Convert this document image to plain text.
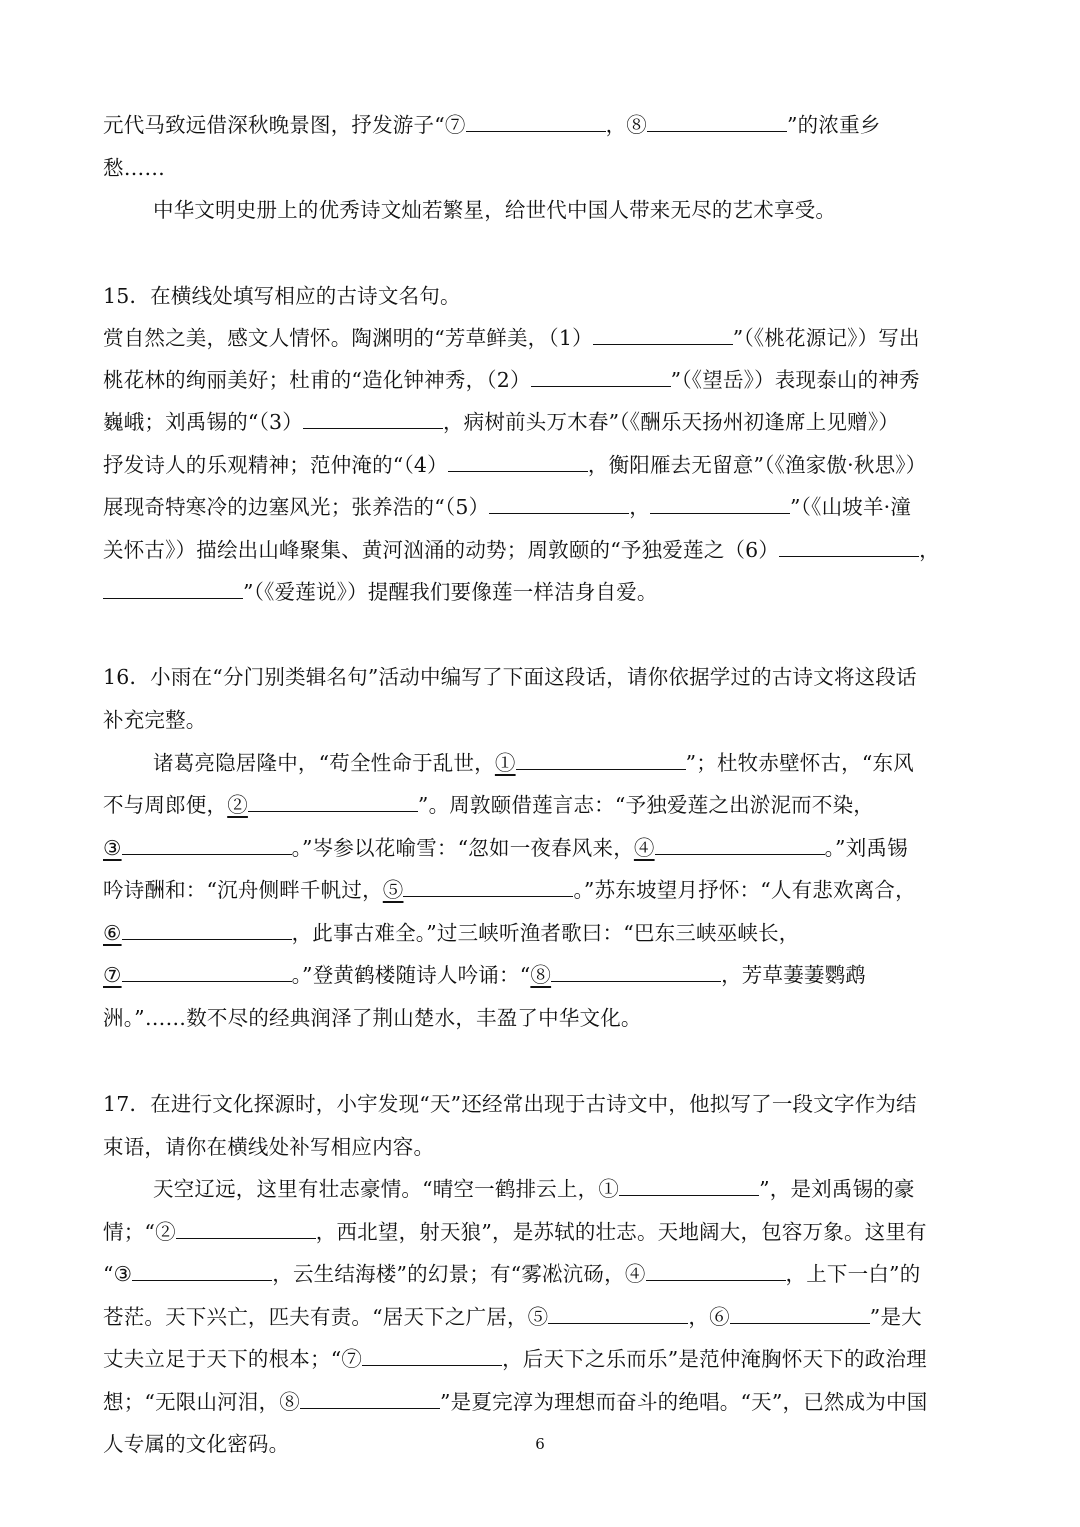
元代马致远借深秋晚景图，抒发游子“⑦	，⑧	”的浓重乡
愁……
中华文明史册上的优秀诗文灿若繁星，给世代中国人带来无尽的艺术享受。
15．在横线处填写相应的古诗文名句。
赏自然之美，感文人情怀。陶渊明的“芳草鲜美，（1）	”（《桃花源记》）写出
桃花林的绚丽美好；杜甫的“造化钟神秀，（2）	”（《望岳》）表现泰山的神秀
巍峨；刘禹锡的“（3）	，病树前头万木春”（《酬乐天扬州初逢席上见赠》）
抒发诗人的乐观精神；范仲淹的“（4）	，衡阳雁去无留意”（《渔家傲·秋思》）
展现奇特寒冷的边塞风光；张养浩的“（5）	，	”（《山坡羊·潼
关怀古》）描绘出山峰聚集、黄河汹涌的动势；周敦颐的“予独爱莲之（6）	，
”（《爱莲说》）提醒我们要像莲一样洁身自爱。
16．小雨在“分门别类辑名句”活动中编写了下面这段话，请你依据学过的古诗文将这段话
补充完整。
诸葛亮隐居隆中，“苟全性命于乱世，①	”；杜牧赤壁怀古，“东风
不与周郎便，②	”。周敦颐借莲言志：“予独爱莲之出淤泥而不染，
③	。”岑参以花喻雪：“忽如一夜春风来，④	。”刘禹锡
吟诗酬和：“沉舟侧畔千帆过，⑤	。”苏东坡望月抒怀：“人有悲欢离合，
⑥	，此事古难全。”过三峡听渔者歌曰：“巴东三峡巫峡长，
⑦	。”登黄鹤楼随诗人吟诵：“⑧	，芳草萋萋鹦鹉
洲。”……数不尽的经典润泽了荆山楚水，丰盈了中华文化。
17．在进行文化探源时，小宇发现“天”还经常出现于古诗文中，他拟写了一段文字作为结
束语，请你在横线处补写相应内容。
天空辽远，这里有壮志豪情。“晴空一鹤排云上，①	”，是刘禹锡的豪
情；“②	，西北望，射天狼”，是苏轼的壮志。天地阔大，包容万象。这里有
“③	，云生结海楼”的幻景；有“雾凇沆砀，④	，上下一白”的
苍茫。天下兴亡，匹夫有责。“居天下之广居，⑤	，⑥	”是大
丈夫立足于天下的根本；“⑦	，后天下之乐而乐”是范仲淹胸怀天下的政治理
想；“无限山河泪，⑧	”是夏完淳为理想而奋斗的绝唱。“天”，已然成为中国
人专属的文化密码。	6
